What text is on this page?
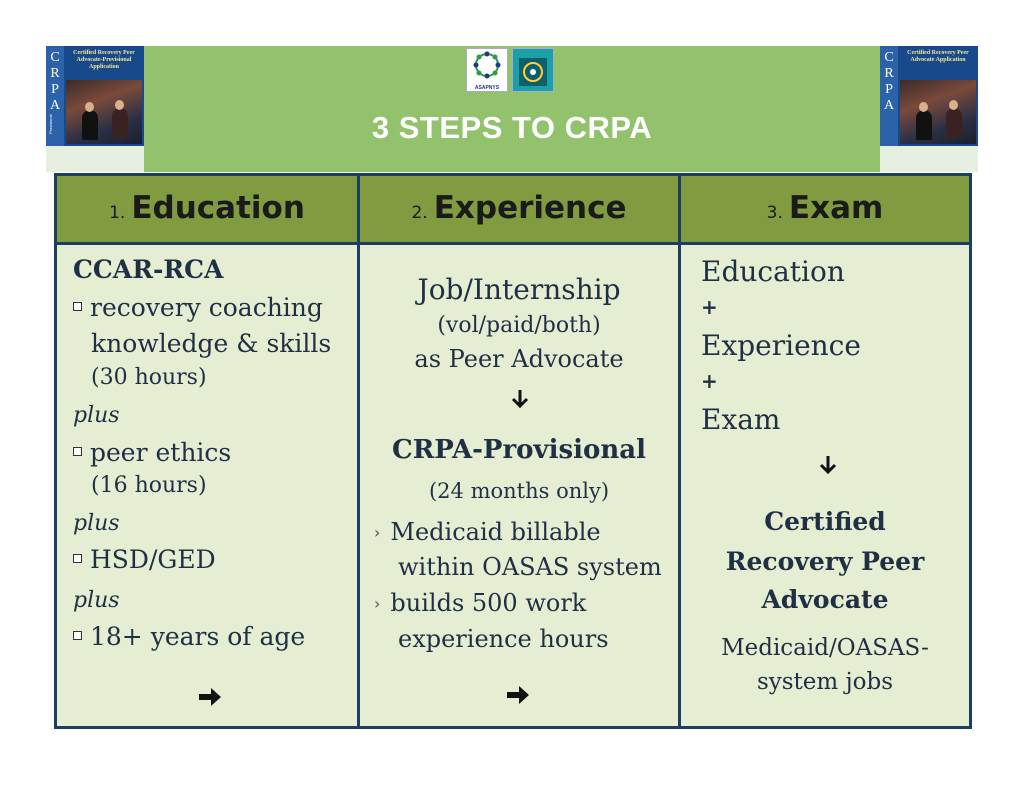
C
R
P
A
Certified Recovery Peer Advocate-Provisional Application
Provisional
ASAPNYS
3 STEPS TO CRPA
C
R
P
A
Certified Recovery Peer Advocate Application
1. Education
CCAR-RCA
recovery coaching
knowledge & skills
(30 hours)
plus
peer ethics
(16 hours)
plus
HSD/GED
plus
18+ years of age
2. Experience
Job/Internship
(vol/paid/both)
as Peer Advocate
CRPA-Provisional
(24 months only)
› Medicaid billable
within OASAS system
› builds 500 work
experience hours
3. Exam
Education
+
Experience
+
Exam
Certified
Recovery Peer
Advocate
Medicaid/OASAS-
system jobs
